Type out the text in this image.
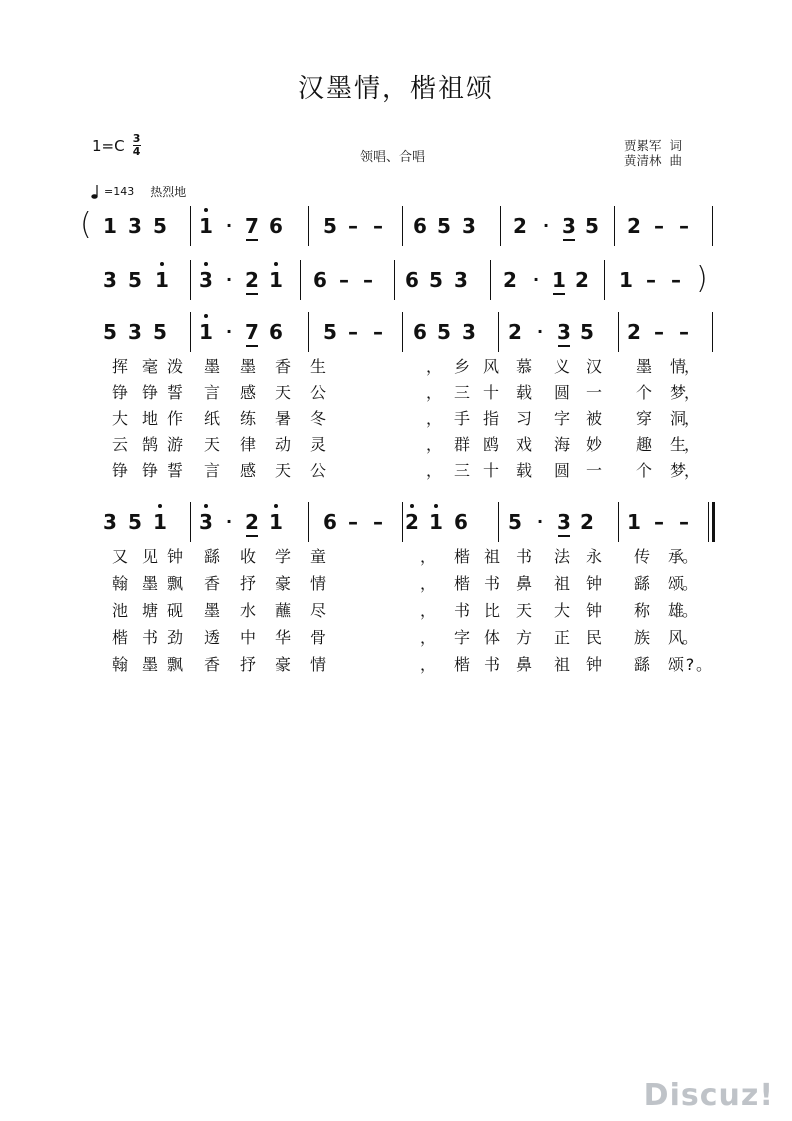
汉墨情，楷祖颂
1=C 3
4	领唱、合唱
贾累军 词
黄清林 曲
=143 热烈地
1 3 5 1 · 7 6 5 – – 6 5 3 2	· 3 5 2 – –
(
3 5 1 3 · 2 1 6 – – 6 5 3 2	· 1 2 1 – – )
5 3 5 1 · 7 6 5 – – 6 5 3 2 · 3 5 2 – –
3 5 1 3 · 2 1 6 – – 2 1 6 5 · 3 2 1 – –
挥 毫 泼 墨 墨 香 生	， 乡 风 慕 义 汉 墨 情
，
铮 铮 誓 言 感 天 公	， 三 十 载 圆 一 个 梦
，
大 地 作 纸 练 暑 冬	， 手 指 习 字 被 穿 洞
，
云 鹄 游 天 律 动 灵	， 群 鸥 戏 海 妙 趣 生
，
铮 铮 誓 言 感 天 公	， 三 十 载 圆 一 个 梦
，
又 见 钟 繇 收 学 童	， 楷 祖 书 法 永 传 承
。
翰 墨 飘 香 抒 豪 情	， 楷 书 鼻 祖 钟 繇 颂
。
池 塘 砚 墨 水 蘸 尽	， 书 比 天 大 钟 称 雄
。
楷 书 劲 透 中 华 骨	， 字 体 方 正 民 族 风
。
翰 墨 飘 香 抒 豪 情	， 楷 书 鼻 祖 钟 繇 颂 ? 。
Discuz!
